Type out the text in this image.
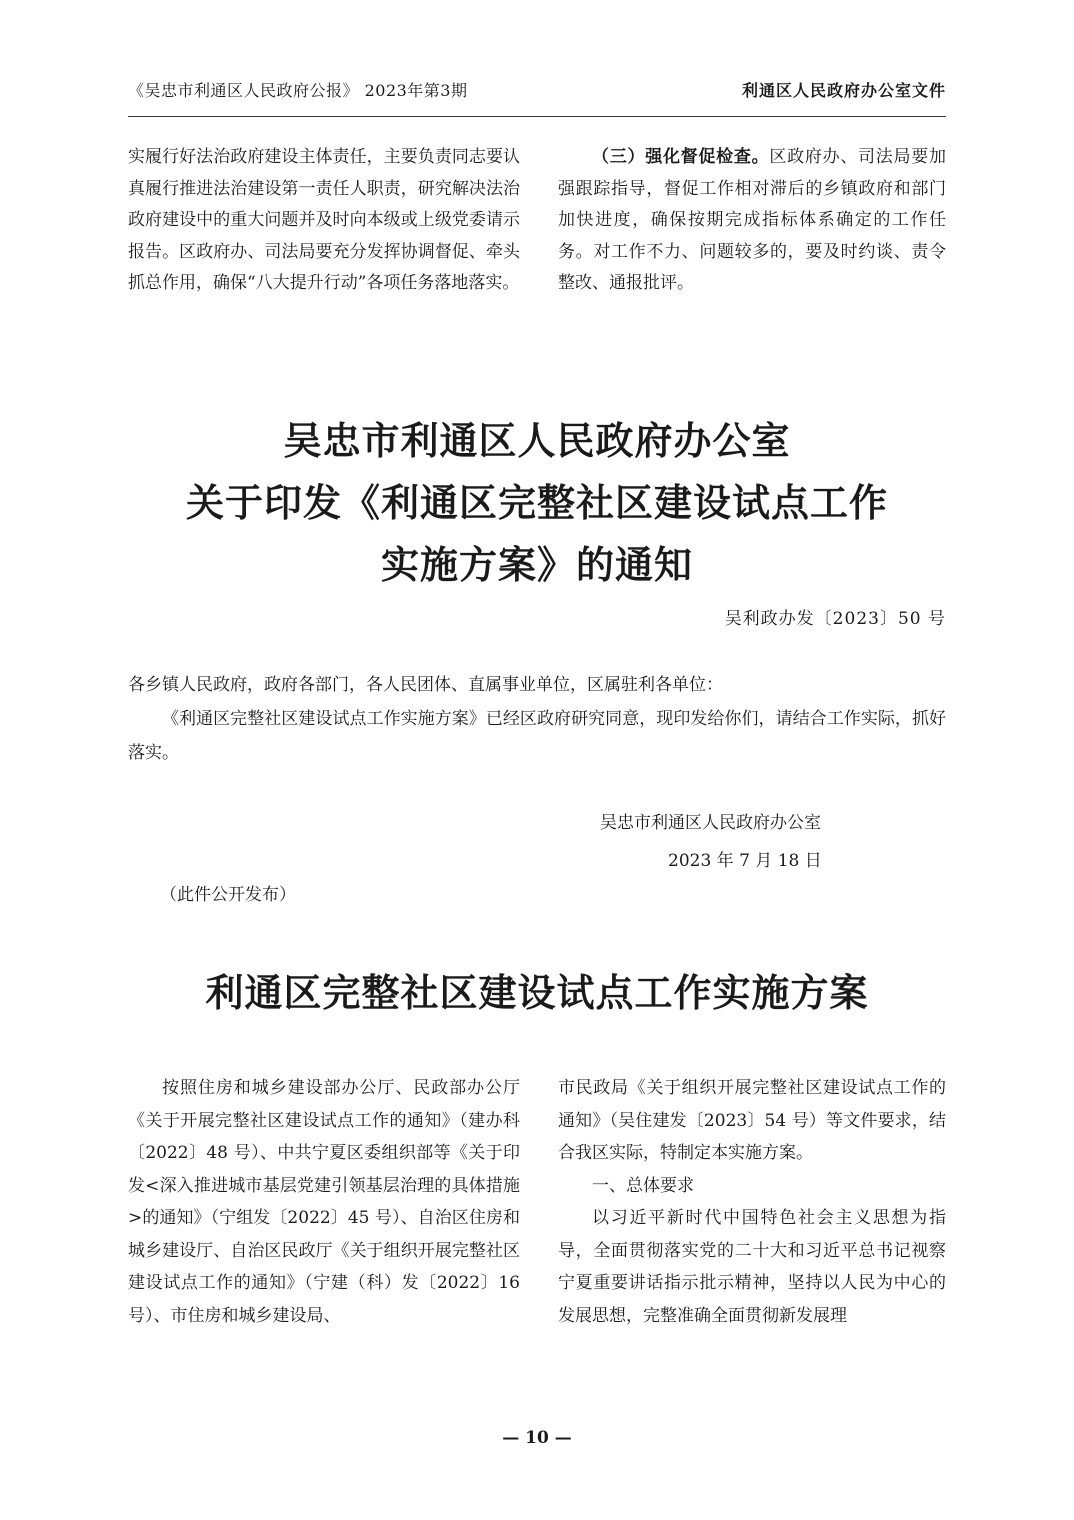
《吴忠市利通区人民政府公报》 2023年第3期	利通区人民政府办公室文件

实履行好法治政府建设主体责任，主要负责同志要认真履行推进法治建设第一责任人职责，研究解决法治政府建设中的重大问题并及时向本级或上级党委请示报告。区政府办、司法局要充分发挥协调督促、牵头抓总作用，确保“八大提升行动”各项任务落地落实。

（三）强化督促检查。区政府办、司法局要加强跟踪指导，督促工作相对滞后的乡镇政府和部门加快进度，确保按期完成指标体系确定的工作任务。对工作不力、问题较多的，要及时约谈、责令整改、通报批评。

吴忠市利通区人民政府办公室
关于印发《利通区完整社区建设试点工作
实施方案》的通知
吴利政办发〔2023〕50 号

各乡镇人民政府，政府各部门，各人民团体、直属事业单位，区属驻利各单位：

《利通区完整社区建设试点工作实施方案》已经区政府研究同意，现印发给你们，请结合工作实际，抓好落实。

吴忠市利通区人民政府办公室
2023 年 7 月 18 日
（此件公开发布）
利通区完整社区建设试点工作实施方案

按照住房和城乡建设部办公厅、民政部办公厅《关于开展完整社区建设试点工作的通知》（建办科〔2022〕48 号）、中共宁夏区委组织部等《关于印发<深入推进城市基层党建引领基层治理的具体措施>的通知》（宁组发〔2022〕45 号）、自治区住房和城乡建设厅、自治区民政厅《关于组织开展完整社区建设试点工作的通知》（宁建（科）发〔2022〕16 号）、市住房和城乡建设局、

市民政局《关于组织开展完整社区建设试点工作的通知》（吴住建发〔2023〕54 号）等文件要求，结合我区实际，特制定本实施方案。

一、总体要求

以习近平新时代中国特色社会主义思想为指导，全面贯彻落实党的二十大和习近平总书记视察宁夏重要讲话指示批示精神，坚持以人民为中心的发展思想，完整准确全面贯彻新发展理

— 10 —
